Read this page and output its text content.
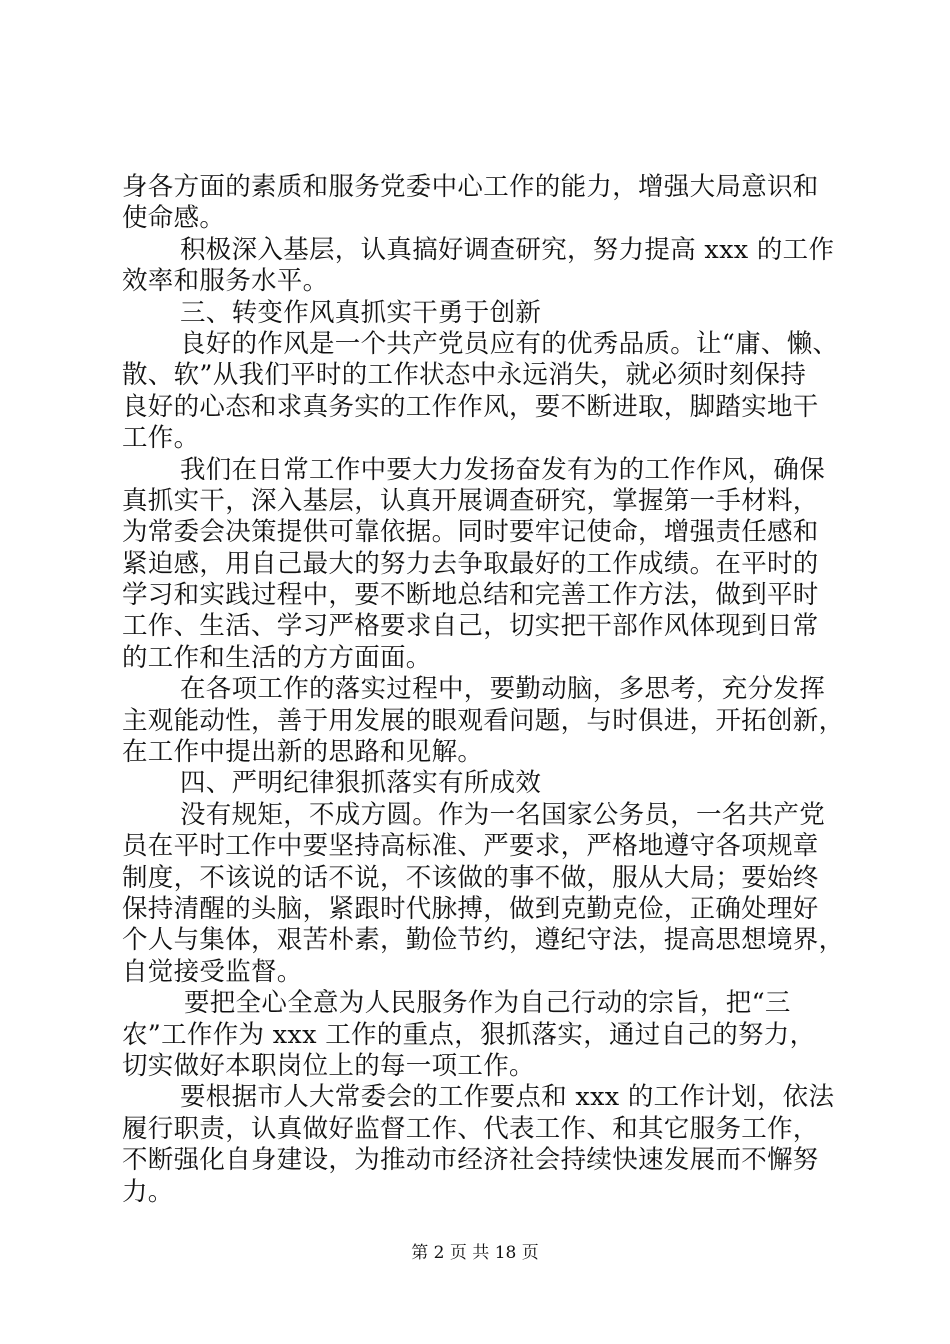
身各方面的素质和服务党委中心工作的能力，增强大局意识和
使命感。
积极深入基层，认真搞好调查研究，努力提高 xxx 的工作
效率和服务水平。
三、转变作风真抓实干勇于创新
良好的作风是一个共产党员应有的优秀品质。让“庸、懒、
散、软”从我们平时的工作状态中永远消失，就必须时刻保持
良好的心态和求真务实的工作作风，要不断进取，脚踏实地干
工作。
我们在日常工作中要大力发扬奋发有为的工作作风，确保
真抓实干，深入基层，认真开展调查研究，掌握第一手材料，
为常委会决策提供可靠依据。同时要牢记使命，增强责任感和
紧迫感，用自己最大的努力去争取最好的工作成绩。在平时的
学习和实践过程中，要不断地总结和完善工作方法，做到平时
工作、生活、学习严格要求自己，切实把干部作风体现到日常
的工作和生活的方方面面。
在各项工作的落实过程中，要勤动脑，多思考，充分发挥
主观能动性，善于用发展的眼观看问题，与时俱进，开拓创新，
在工作中提出新的思路和见解。
四、严明纪律狠抓落实有所成效
没有规矩，不成方圆。作为一名国家公务员，一名共产党
员在平时工作中要坚持高标准、严要求，严格地遵守各项规章
制度，不该说的话不说，不该做的事不做，服从大局；要始终
保持清醒的头脑，紧跟时代脉搏，做到克勤克俭，正确处理好
个人与集体，艰苦朴素，勤俭节约，遵纪守法，提高思想境界，
自觉接受监督。
要把全心全意为人民服务作为自己行动的宗旨，把“三
农”工作作为 xxx 工作的重点，狠抓落实，通过自己的努力，
切实做好本职岗位上的每一项工作。
要根据市人大常委会的工作要点和 xxx 的工作计划，依法
履行职责，认真做好监督工作、代表工作、和其它服务工作，
不断强化自身建设，为推动市经济社会持续快速发展而不懈努
力。
第 2 页 共 18 页
